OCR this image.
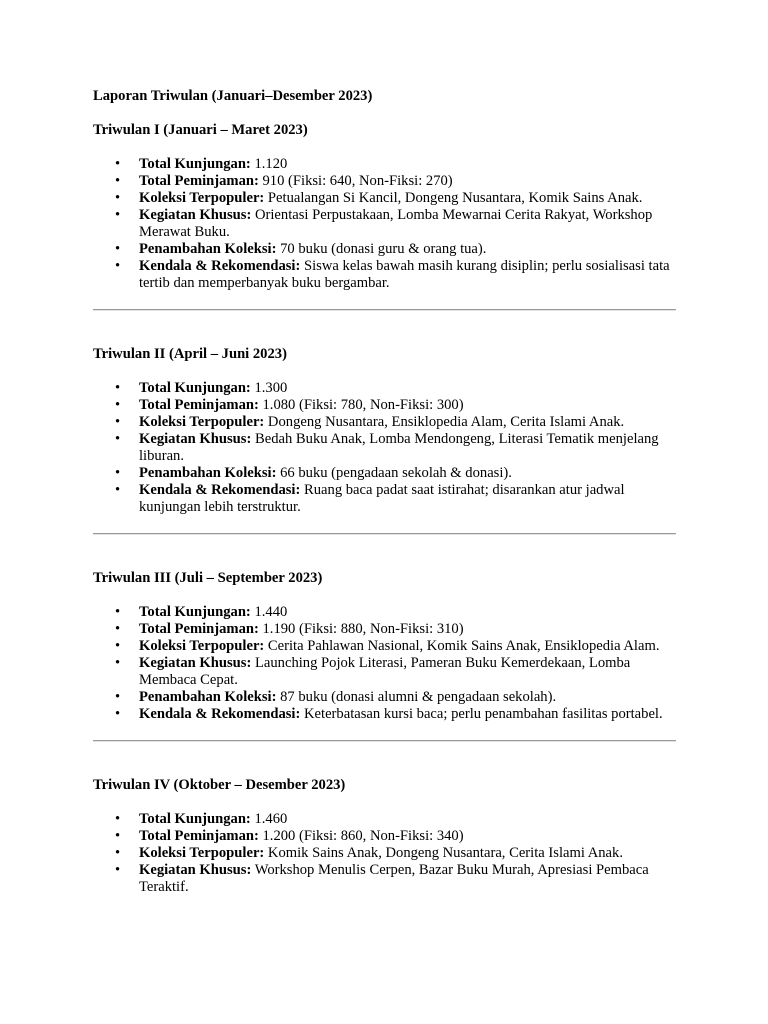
Laporan Triwulan (Januari–Desember 2023)
Triwulan I (Januari – Maret 2023)
• Total Kunjungan: 1.120
• Total Peminjaman: 910 (Fiksi: 640, Non-Fiksi: 270)
• Koleksi Terpopuler: Petualangan Si Kancil, Dongeng Nusantara, Komik Sains Anak.
• Kegiatan Khusus: Orientasi Perpustakaan, Lomba Mewarnai Cerita Rakyat, Workshop Merawat Buku.
• Penambahan Koleksi: 70 buku (donasi guru & orang tua).
• Kendala & Rekomendasi: Siswa kelas bawah masih kurang disiplin; perlu sosialisasi tata tertib dan memperbanyak buku bergambar.
Triwulan II (April – Juni 2023)
• Total Kunjungan: 1.300
• Total Peminjaman: 1.080 (Fiksi: 780, Non-Fiksi: 300)
• Koleksi Terpopuler: Dongeng Nusantara, Ensiklopedia Alam, Cerita Islami Anak.
• Kegiatan Khusus: Bedah Buku Anak, Lomba Mendongeng, Literasi Tematik menjelang liburan.
• Penambahan Koleksi: 66 buku (pengadaan sekolah & donasi).
• Kendala & Rekomendasi: Ruang baca padat saat istirahat; disarankan atur jadwal kunjungan lebih terstruktur.
Triwulan III (Juli – September 2023)
• Total Kunjungan: 1.440
• Total Peminjaman: 1.190 (Fiksi: 880, Non-Fiksi: 310)
• Koleksi Terpopuler: Cerita Pahlawan Nasional, Komik Sains Anak, Ensiklopedia Alam.
• Kegiatan Khusus: Launching Pojok Literasi, Pameran Buku Kemerdekaan, Lomba Membaca Cepat.
• Penambahan Koleksi: 87 buku (donasi alumni & pengadaan sekolah).
• Kendala & Rekomendasi: Keterbatasan kursi baca; perlu penambahan fasilitas portabel.
Triwulan IV (Oktober – Desember 2023)
• Total Kunjungan: 1.460
• Total Peminjaman: 1.200 (Fiksi: 860, Non-Fiksi: 340)
• Koleksi Terpopuler: Komik Sains Anak, Dongeng Nusantara, Cerita Islami Anak.
• Kegiatan Khusus: Workshop Menulis Cerpen, Bazar Buku Murah, Apresiasi Pembaca Teraktif.
